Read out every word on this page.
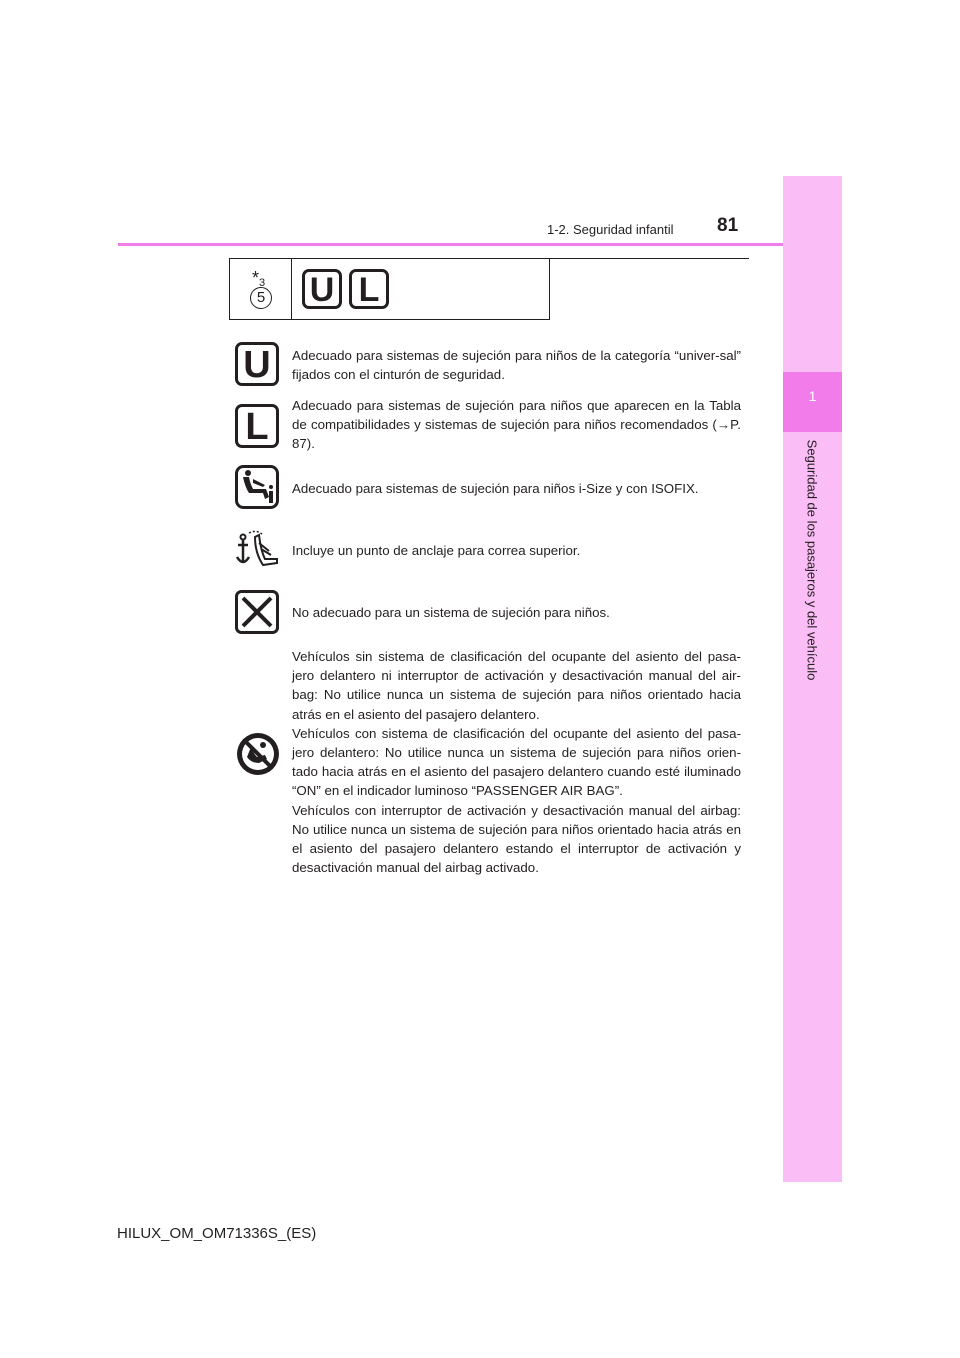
1
Seguridad de los pasajeros y del vehículo
1-2. Seguridad infantil 81
$*_3$
5 U L
U	Adecuado para sistemas de sujeción para niños de la categoría “univer-sal” fijados con el cinturón de seguridad.
L
Adecuado para sistemas de sujeción para niños que aparecen en la Tabla de compatibilidades y sistemas de sujeción para niños recomendados (→P. 87).
Adecuado para sistemas de sujeción para niños i-Size y con ISOFIX.
Incluye un punto de anclaje para correa superior.
No adecuado para un sistema de sujeción para niños.
Vehículos sin sistema de clasificación del ocupante del asiento del pasa-jero delantero ni interruptor de activación y desactivación manual del air-bag: No utilice nunca un sistema de sujeción para niños orientado hacia atrás en el asiento del pasajero delantero.
Vehículos con sistema de clasificación del ocupante del asiento del pasa-jero delantero: No utilice nunca un sistema de sujeción para niños orien-tado hacia atrás en el asiento del pasajero delantero cuando esté iluminado “ON” en el indicador luminoso “PASSENGER AIR BAG”.
Vehículos con interruptor de activación y desactivación manual del airbag: No utilice nunca un sistema de sujeción para niños orientado hacia atrás en el asiento del pasajero delantero estando el interruptor de activación y desactivación manual del airbag activado.
HILUX_OM_OM71336S_(ES)
